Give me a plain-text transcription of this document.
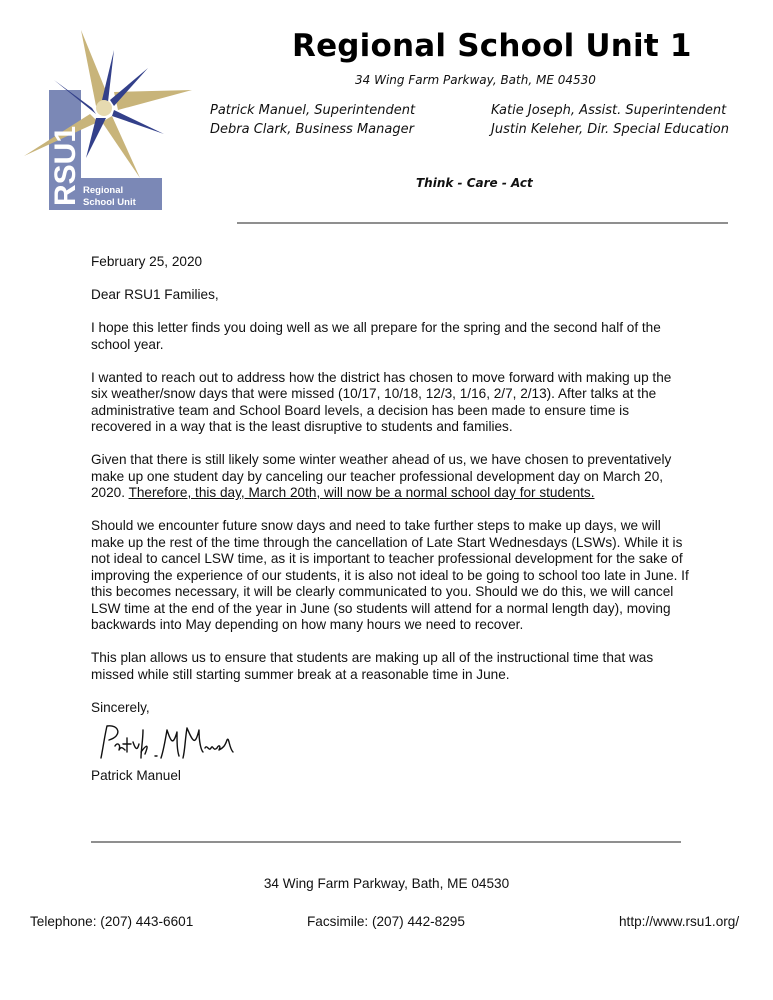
RSU1 Regional
School Unit
Regional School Unit 1
34 Wing Farm Parkway, Bath, ME 04530
Patrick Manuel, Superintendent
Debra Clark, Business Manager
Katie Joseph, Assist. Superintendent
Justin Keleher, Dir. Special Education
Think - Care - Act

February 25, 2020

Dear RSU1 Families,

I hope this letter finds you doing well as we all prepare for the spring and the second half of the school year.

I wanted to reach out to address how the district has chosen to move forward with making up the six weather/snow days that were missed (10/17, 10/18, 12/3, 1/16, 2/7, 2/13). After talks at the administrative team and School Board levels, a decision has been made to ensure time is recovered in a way that is the least disruptive to students and families.

Given that there is still likely some winter weather ahead of us, we have chosen to preventatively make up one student day by canceling our teacher professional development day on March 20, 2020. Therefore, this day, March 20th, will now be a normal school day for students.

Should we encounter future snow days and need to take further steps to make up days, we will make up the rest of the time through the cancellation of Late Start Wednesdays (LSWs). While it is not ideal to cancel LSW time, as it is important to teacher professional development for the sake of improving the experience of our students, it is also not ideal to be going to school too late in June. If this becomes necessary, it will be clearly communicated to you. Should we do this, we will cancel LSW time at the end of the year in June (so students will attend for a normal length day), moving backwards into May depending on how many hours we need to recover.

This plan allows us to ensure that students are making up all of the instructional time that was missed while still starting summer break at a reasonable time in June.

Sincerely,
Patrick Manuel
34 Wing Farm Parkway, Bath, ME 04530
Telephone: (207) 443-6601	Facsimile: (207) 442-8295	http://www.rsu1.org/
